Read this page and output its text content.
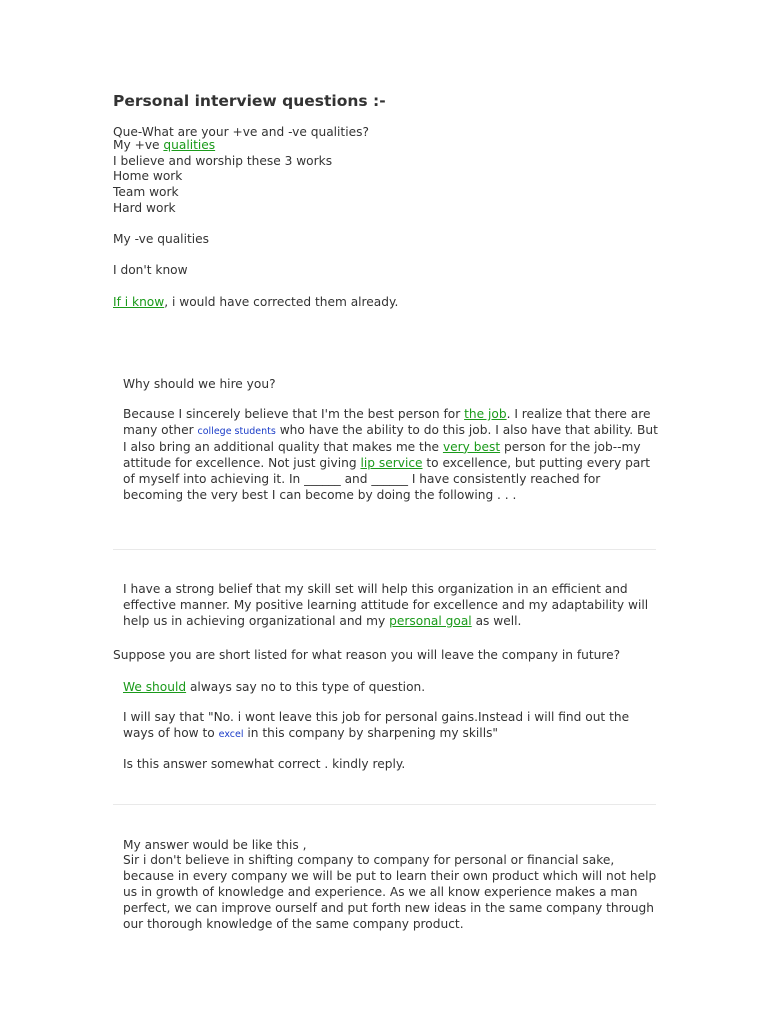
Personal interview questions :-
Que-What are your +ve and -ve qualities?
My +ve qualities
I believe and worship these 3 works
Home work
Team work
Hard work
My -ve qualities
I don't know
If i know, i would have corrected them already.
Why should we hire you?
Because I sincerely believe that I'm the best person for the job. I realize that there are many other college students who have the ability to do this job. I also have that ability. But I also bring an additional quality that makes me the very best person for the job--my attitude for excellence. Not just giving lip service to excellence, but putting every part of myself into achieving it. In ______ and ______ I have consistently reached for becoming the very best I can become by doing the following . . .
I have a strong belief that my skill set will help this organization in an efficient and effective manner. My positive learning attitude for excellence and my adaptability will help us in achieving organizational and my personal goal as well.
Suppose you are short listed for what reason you will leave the company in future?
We should always say no to this type of question.
I will say that "No. i wont leave this job for personal gains.Instead i will find out the ways of how to excel in this company by sharpening my skills"
Is this answer somewhat correct . kindly reply.
My answer would be like this ,
Sir i don't believe in shifting company to company for personal or financial sake, because in every company we will be put to learn their own product which will not help us in growth of knowledge and experience. As we all know experience makes a man perfect, we can improve ourself and put forth new ideas in the same company through our thorough knowledge of the same company product.
